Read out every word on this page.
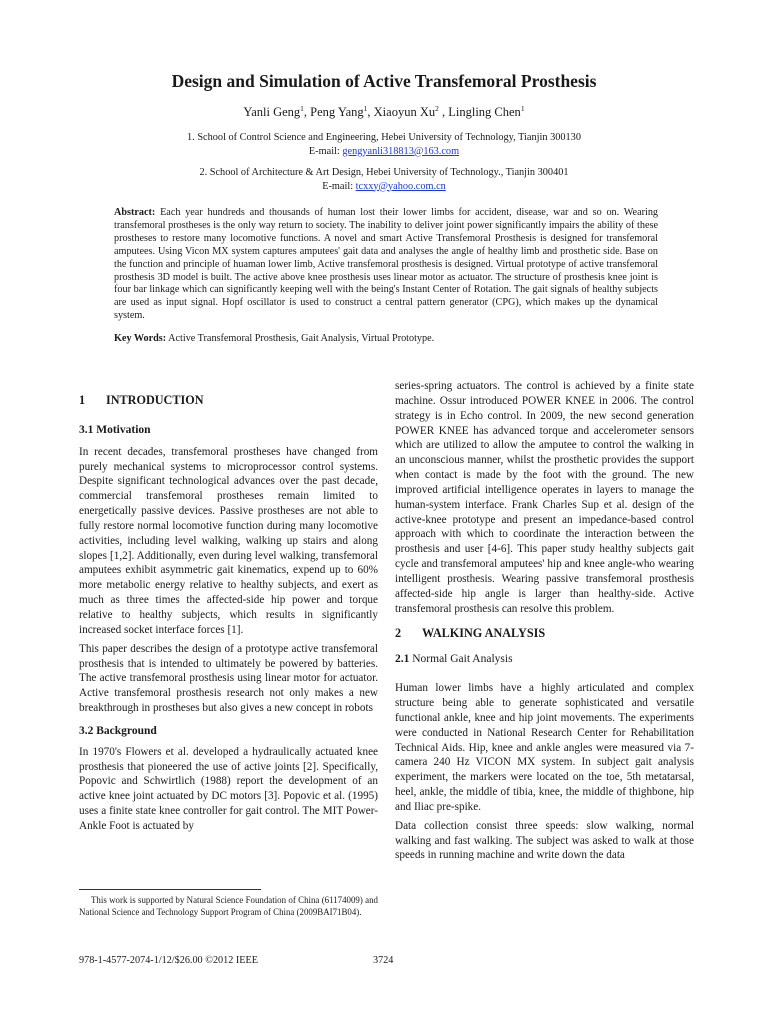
Design and Simulation of Active Transfemoral Prosthesis
Yanli Geng$^1$, Peng Yang$^1$, Xiaoyun Xu$^2$ , Lingling Chen$^1$
1. School of Control Science and Engineering, Hebei University of Technology, Tianjin 300130
E-mail: gengyanli318813@163.com
2. School of Architecture & Art Design, Hebei University of Technology., Tianjin 300401
E-mail: tcxxy@yahoo.com.cn
Abstract: Each year hundreds and thousands of human lost their lower limbs for accident, disease, war and so on. Wearing transfemoral prostheses is the only way return to society. The inability to deliver joint power significantly impairs the ability of these prostheses to restore many locomotive functions. A novel and smart Active Transfemoral Prosthesis is designed for transfemoral amputees. Using Vicon MX system captures amputees' gait data and analyses the angle of healthy limb and prosthetic side. Base on the function and principle of huaman lower limb, Active transfemoral prosthesis is designed. Virtual prototype of active transfemoral prosthesis 3D model is built. The active above knee prosthesis uses linear motor as actuator. The structure of prosthesis knee joint is four bar linkage which can significantly keeping well with the being's Instant Center of Rotation. The gait signals of healthy subjects are used as input signal. Hopf oscillator is used to construct a central pattern generator (CPG), which makes up the dynamical system.
Key Words: Active Transfemoral Prosthesis, Gait Analysis, Virtual Prototype.
1	INTRODUCTION
3.1 Motivation

In recent decades, transfemoral prostheses have changed from purely mechanical systems to microprocessor control systems. Despite significant technological advances over the past decade, commercial transfemoral prostheses remain limited to energetically passive devices. Passive prostheses are not able to fully restore normal locomotive function during many locomotive activities, including level walking, walking up stairs and along slopes [1,2]. Additionally, even during level walking, transfemoral amputees exhibit asymmetric gait kinematics, expend up to 60% more metabolic energy relative to healthy subjects, and exert as much as three times the affected-side hip power and torque relative to healthy subjects, which results in significantly increased socket interface forces [1].

This paper describes the design of a prototype active transfemoral prosthesis that is intended to ultimately be powered by batteries. The active transfemoral prosthesis using linear motor for actuator. Active transfemoral prosthesis research not only makes a new breakthrough in prostheses but also gives a new concept in robots

3.2 Background

In 1970's Flowers et al. developed a hydraulically actuated knee prosthesis that pioneered the use of active joints [2]. Specifically, Popovic and Schwirtlich (1988) report the development of an active knee joint actuated by DC motors [3]. Popovic et al. (1995) uses a finite state knee controller for gait control. The MIT Power-Ankle Foot is actuated by

series-spring actuators. The control is achieved by a finite state machine. Ossur introduced POWER KNEE in 2006. The control strategy is in Echo control. In 2009, the new second generation POWER KNEE has advanced torque and accelerometer sensors which are utilized to allow the amputee to control the walking in an unconscious manner, whilst the prosthetic provides the support when contact is made by the foot with the ground. The new improved artificial intelligence operates in layers to manage the human-system interface. Frank Charles Sup et al. design of the active-knee prototype and present an impedance-based control approach with which to coordinate the interaction between the prosthesis and user [4-6]. This paper study healthy subjects gait cycle and transfemoral amputees' hip and knee angle-who wearing intelligent prosthesis. Wearing passive transfemoral prosthesis affected-side hip angle is larger than healthy-side. Active transfemoral prosthesis can resolve this problem.

2	WALKING ANALYSIS
2.1 Normal Gait Analysis

Human lower limbs have a highly articulated and complex structure being able to generate sophisticated and versatile functional ankle, knee and hip joint movements. The experiments were conducted in National Research Center for Rehabilitation Technical Aids. Hip, knee and ankle angles were measured via 7-camera 240 Hz VICON MX system. In subject gait analysis experiment, the markers were located on the toe, 5th metatarsal, heel, ankle, the middle of tibia, knee, the middle of thighbone, hip and Iliac pre-spike.

Data collection consist three speeds: slow walking, normal walking and fast walking. The subject was asked to walk at those speeds in running machine and write down the data

This work is supported by Natural Science Foundation of China (61174009) and National Science and Technology Support Program of China (2009BAI71B04).
978-1-4577-2074-1/12/$26.00 ©2012 IEEE	3724
